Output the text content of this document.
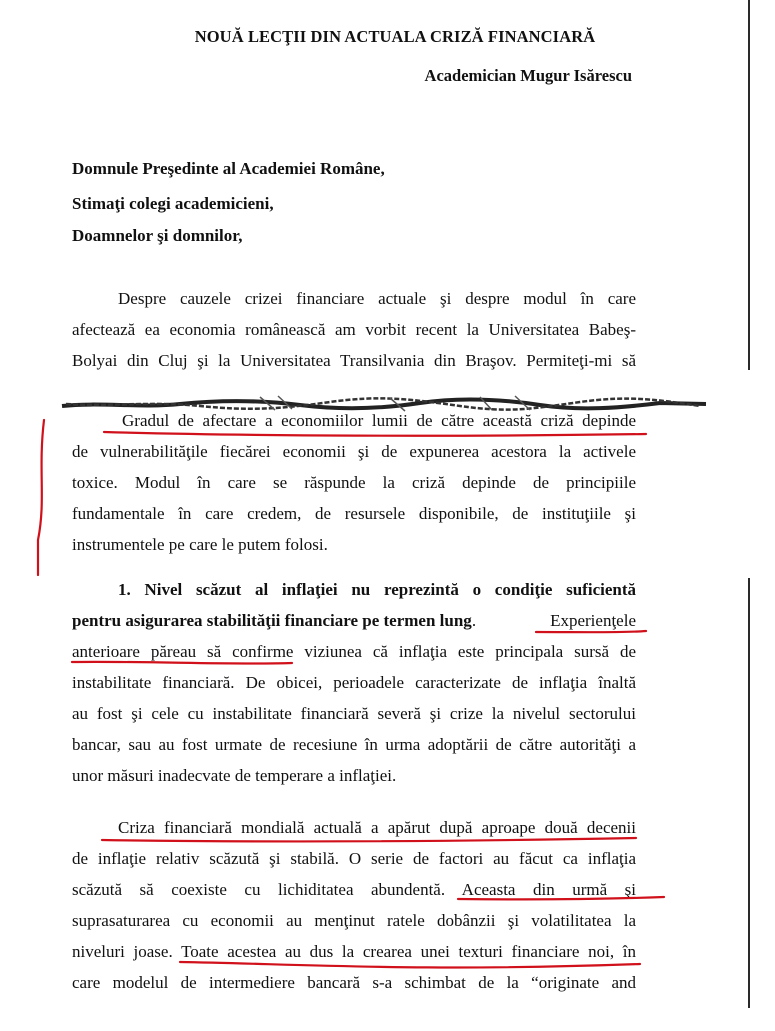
NOUĂ LECŢII DIN ACTUALA CRIZĂ FINANCIARĂ
Academician Mugur Isărescu
Domnule Preşedinte al Academiei Române,
Stimaţi colegi academicieni,
Doamnelor şi domnilor,
Despre cauzele crizei financiare actuale şi despre modul în care
afectează ea economia românească am vorbit recent la Universitatea Babeş-
Bolyai din Cluj şi la Universitatea Transilvania din Braşov. Permiteţi-mi să
Gradul de afectare a economiilor lumii de către această criză depinde
de vulnerabilităţile fiecărei economii şi de expunerea acestora la activele
toxice. Modul în care se răspunde la criză depinde de principiile
fundamentale în care credem, de resursele disponibile, de instituţiile şi
instrumentele pe care le putem folosi.
1. Nivel scăzut al inflaţiei nu reprezintă o condiţie suficientă
pentru asigurarea stabilităţii financiare pe termen lung.	Experienţele
anterioare păreau să confirme viziunea că inflaţia este principala sursă de
instabilitate financiară. De obicei, perioadele caracterizate de inflaţia înaltă
au fost şi cele cu instabilitate financiară severă şi crize la nivelul sectorului
bancar, sau au fost urmate de recesiune în urma adoptării de către autorităţi a
unor măsuri inadecvate de temperare a inflaţiei.
Criza financiară mondială actuală a apărut după aproape două decenii
de inflaţie relativ scăzută şi stabilă. O serie de factori au făcut ca inflaţia
scăzută să coexiste cu lichiditatea abundentă. Aceasta din urmă şi
suprasaturarea cu economii au menţinut ratele dobânzii şi volatilitatea la
niveluri joase. Toate acestea au dus la crearea unei texturi financiare noi, în
care modelul de intermediere bancară s-a schimbat de la “originate and
